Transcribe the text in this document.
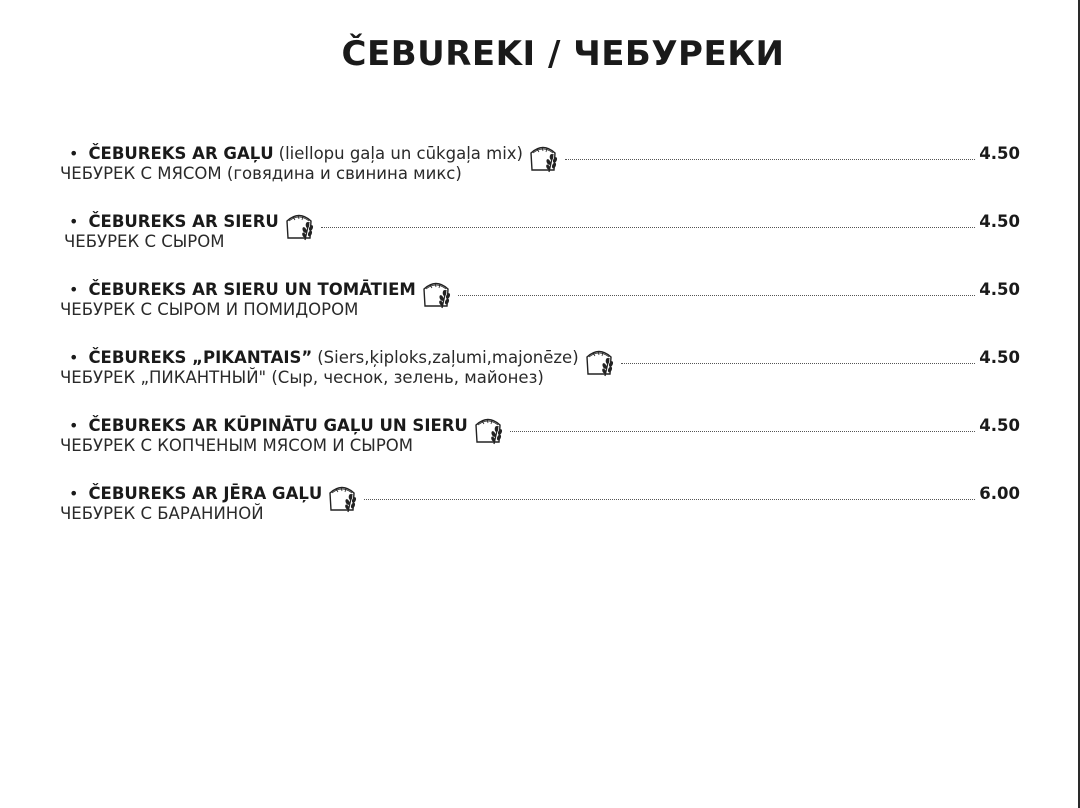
ČEBUREKI / ЧЕБУРЕКИ
• ČEBUREKS AR GAĻU (liellopu gaļa un cūkgaļa mix)	4.50
ЧЕБУРЕК С МЯСОМ (говядина и свинина микс)
• ČEBUREKS AR SIERU	4.50
ЧЕБУРЕК С СЫРОМ
• ČEBUREKS AR SIERU UN TOMĀTIEM	4.50
ЧЕБУРЕК С СЫРОМ И ПОМИДОРОМ
• ČEBUREKS „PIKANTAIS” (Siers,ķiploks,zaļumi,majonēze)	4.50
ЧЕБУРЕК „ПИКАНТНЫЙ" (Сыр, чеснок, зелень, майонез)
• ČEBUREKS AR KŪPINĀTU GAĻU UN SIERU	4.50
ЧЕБУРЕК С КОПЧЕНЫМ МЯСОМ И СЫРОМ
• ČEBUREKS AR JĒRA GAĻU	6.00
ЧЕБУРЕК С БАРАНИНОЙ
